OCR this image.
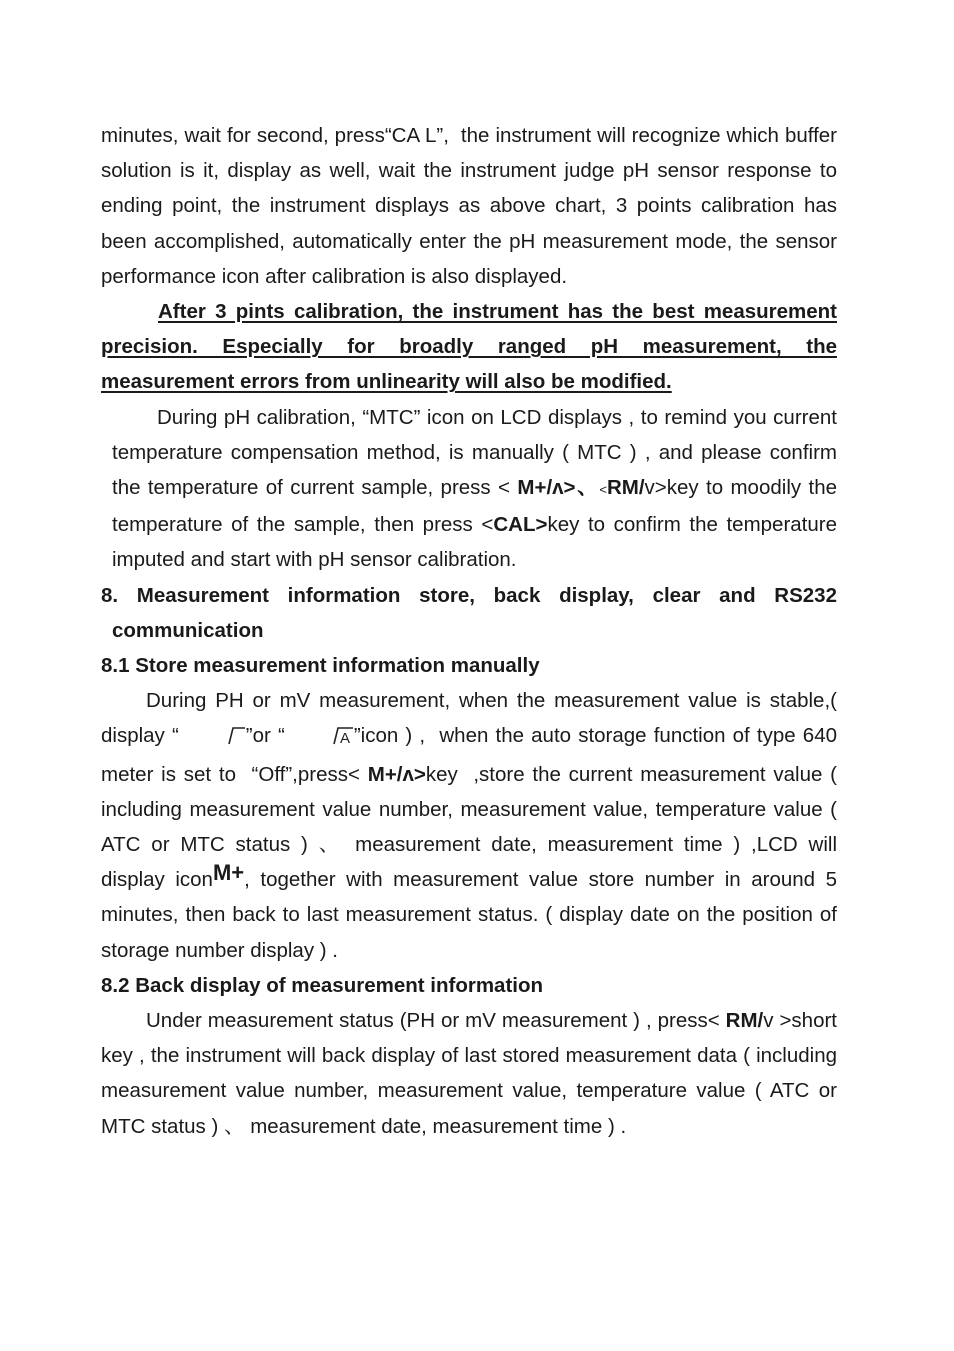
minutes, wait for second, press“CA L”,  the instrument will recognize which buffer solution is it, display as well, wait the instrument judge pH sensor response to ending point, the instrument displays as above chart, 3 points calibration has been accomplished, automatically enter the pH measurement mode, the sensor performance icon after calibration is also displayed.

After 3 pints calibration, the instrument has the best measurement precision. Especially for broadly ranged pH measurement, the measurement errors from unlinearity will also be modified.

During pH calibration, “MTC” icon on LCD displays , to remind you current temperature compensation method, is manually ( MTC ) , and please confirm the temperature of current sample, press < M+/ʌ>、<RM/v>key to moodily the temperature of the sample, then press <CAL>key to confirm the temperature imputed and start with pH sensor calibration.

8. Measurement information store, back display, clear and RS232 communication

8.1 Store measurement information manually

During PH or mV measurement, when the measurement value is stable,( display “	”or “	A ”icon ) ,  when the auto storage function of type 640 meter is set to  “Off”,press< M+/ʌ>key  ,store the current measurement value ( including measurement value number, measurement value, temperature value ( ATC or MTC status ) 、 measurement date, measurement time ) ,LCD will display iconM+, together with measurement value store number in around 5 minutes, then back to last measurement status. ( display date on the position of storage number display ) .

8.2 Back display of measurement information

Under measurement status (PH or mV measurement ) , press< RM/v >short key , the instrument will back display of last stored measurement data ( including measurement value number, measurement value, temperature value ( ATC or MTC status ) 、 measurement date, measurement time ) .
